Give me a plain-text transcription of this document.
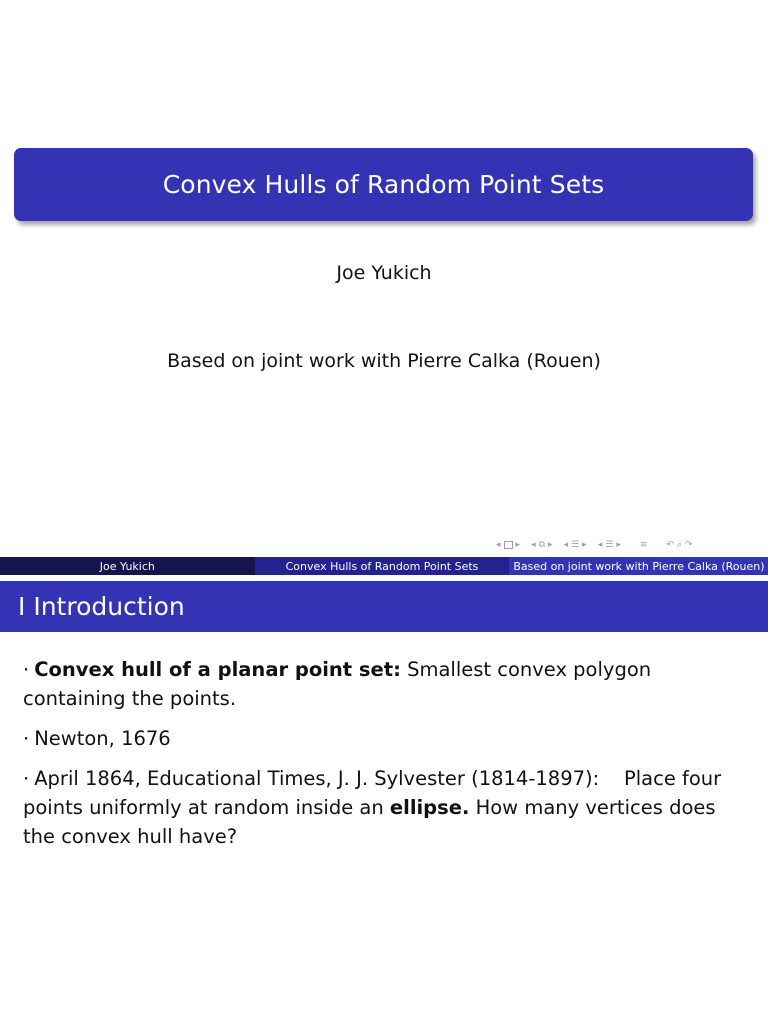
Convex Hulls of Random Point Sets
Joe Yukich
Based on joint work with Pierre Calka (Rouen)
◂ ▸ ◂ ⧉ ▸ ◂ ☰ ▸ ◂ ☰ ▸ ≡ ↶ ⌕ ↷
Joe Yukich	Convex Hulls of Random Point Sets	Based on joint work with Pierre Calka (Rouen)
I Introduction

· Convex hull of a planar point set: Smallest convex polygon containing the points.

· Newton, 1676

· April 1864, Educational Times, J. J. Sylvester (1814-1897):    Place four points uniformly at random inside an ellipse. How many vertices does the convex hull have?
